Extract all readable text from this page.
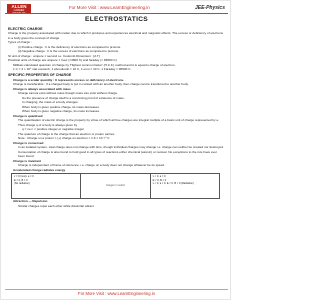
ALLEN
CAREER
For More Visit : www.LearnEngineering.in	JEE-Physics
ELECTROSTATICS

ELECTRIC CHARGE

Charge is the property associated with matter due to which it produces and experiences electrical and magnetic effects. The excess or deficiency of electrons in a body gives the concept of charge.

Types of charge :

(i) Positive charge : It is the deficiency of electrons as compared to protons.

(ii) Negative charge : It is the excess of electrons as compared to protons.

SI unit of charge : ampere × second i.e. Coulomb Dimension : [A T]

Practical units of charge are ampere × hour (=3600 C) and faraday (= 96500 C)

Millikan calculated quantum of charge by 'Highest common factor' (H.C.F.) method and it is equal to charge of electron.

1 C = 3 × 10⁹ stat coulomb, 1 abcoulomb = 10 C, 1 emu = 10 C, 1 Faraday = 96500 C.

SPECIFIC PROPERTIES OF CHARGE

Charge is a scalar quantity : It represents excess or deficiency of electrons.

Charge is transferable : If a charged body is put in contact with an another body, then charge can be transferred to another body.

Charge is always associated with mass

Charge cannot exist without mass though mass can exist without charge.

So the presence of charge itself is a convincing proof of existence of mass.

In charging, the mass of a body changes.

When body is given positive charge, its mass decreases.

When body is given negative charge, its mass increases.

Charge is quantised

The quantisation of electric charge is the property by virtue of which all free charges are integral multiple of a basic unit of charge represented by e. Thus charge q of a body is always given by

q = ne n = positive integer or negative integer

The quantum of charge is the charge that an electron or proton carries.

Note : Charge on a proton = (+) charge on electron = 1.6 × 10⁻¹⁹ C

Charge is conserved

In an isolated system, total charge does not change with time, though individual charges may change i.e. charge can neither be created nor destroyed. Conservation of charge is also found to hold good in all types of reactions either chemical (atomic) or nuclear. No exceptions to the rule have ever been found.

Charge is invariant

Charge is independent of frame of reference. i.e. charge on a body does not change whatever be its speed.

Accelerated charge radiates energy

v = 0 (rest), a = 0
E ≠ 0, B = 0
(No radiation)
charge in motion
v ≠ 0, a = 0
E ≠ 0, B ≠ 0
v ≠ 0, a ≠ 0, E ≠ 0, B ≠ 0 (Radiation)

Attraction — Repulsion

Similar charges repel each other while dissimilar attract

For More Visit : www.LearnEngineering.in
